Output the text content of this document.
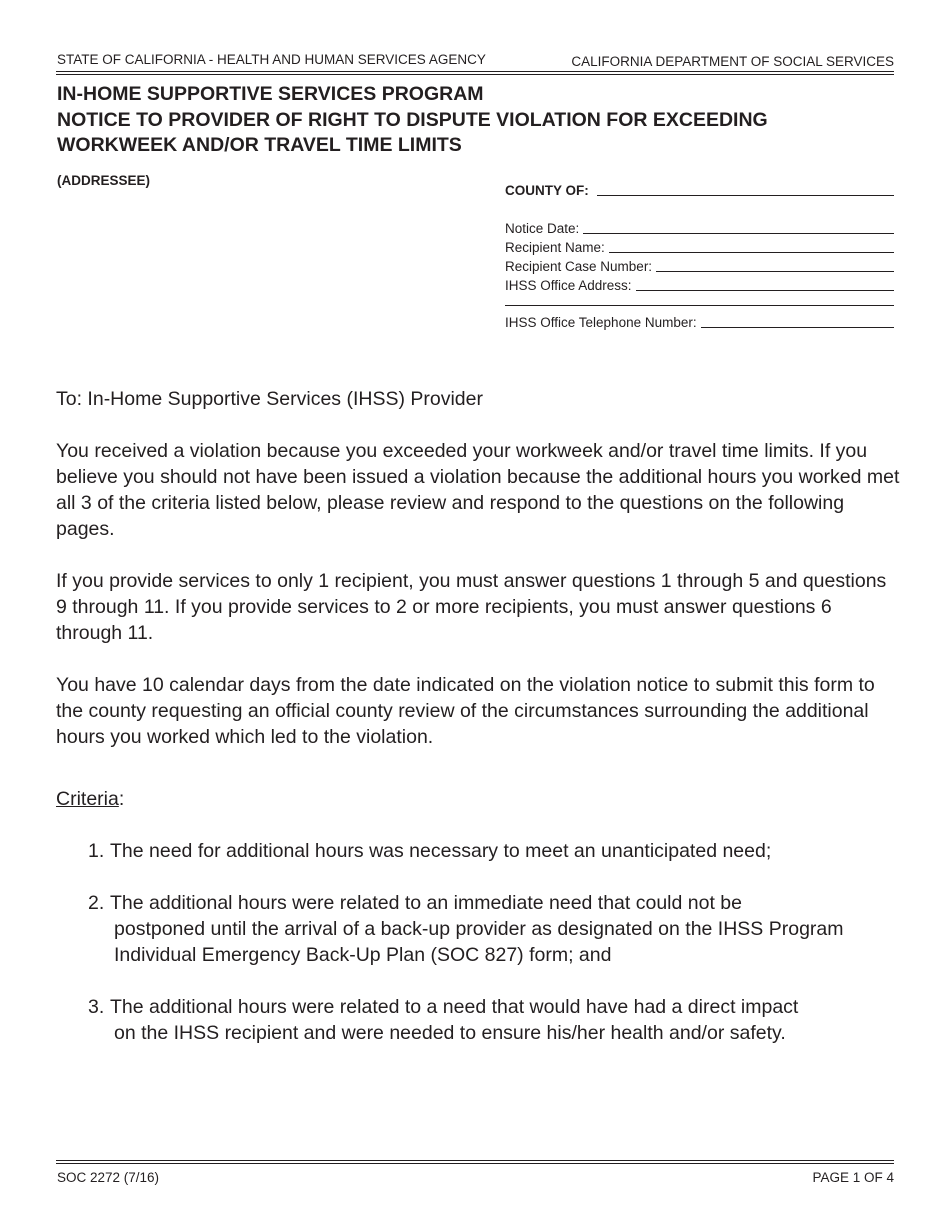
STATE OF CALIFORNIA - HEALTH AND HUMAN SERVICES AGENCY	CALIFORNIA DEPARTMENT OF SOCIAL SERVICES
IN-HOME SUPPORTIVE SERVICES PROGRAM
NOTICE TO PROVIDER OF RIGHT TO DISPUTE VIOLATION FOR EXCEEDING
WORKWEEK AND/OR TRAVEL TIME LIMITS
(ADDRESSEE)
COUNTY OF:
Notice Date:
Recipient Name:
Recipient Case Number:
IHSS Office Address:
IHSS Office Telephone Number:
To: In-Home Supportive Services (IHSS) Provider
You received a violation because you exceeded your workweek and/or travel time limits. If you believe you should not have been issued a violation because the additional hours you worked met all 3 of the criteria listed below, please review and respond to the questions on the following pages.
If you provide services to only 1 recipient, you must answer questions 1 through 5 and questions 9 through 11. If you provide services to 2 or more recipients, you must answer questions 6 through 11.
You have 10 calendar days from the date indicated on the violation notice to submit this form to the county requesting an official county review of the circumstances surrounding the additional hours you worked which led to the violation.
Criteria:
1. The need for additional hours was necessary to meet an unanticipated need;
2. The additional hours were related to an immediate need that could not be
postponed until the arrival of a back-up provider as designated on the IHSS Program Individual Emergency Back-Up Plan (SOC 827) form; and
3. The additional hours were related to a need that would have had a direct impact
on the IHSS recipient and were needed to ensure his/her health and/or safety.
SOC 2272 (7/16)	PAGE 1 OF 4
